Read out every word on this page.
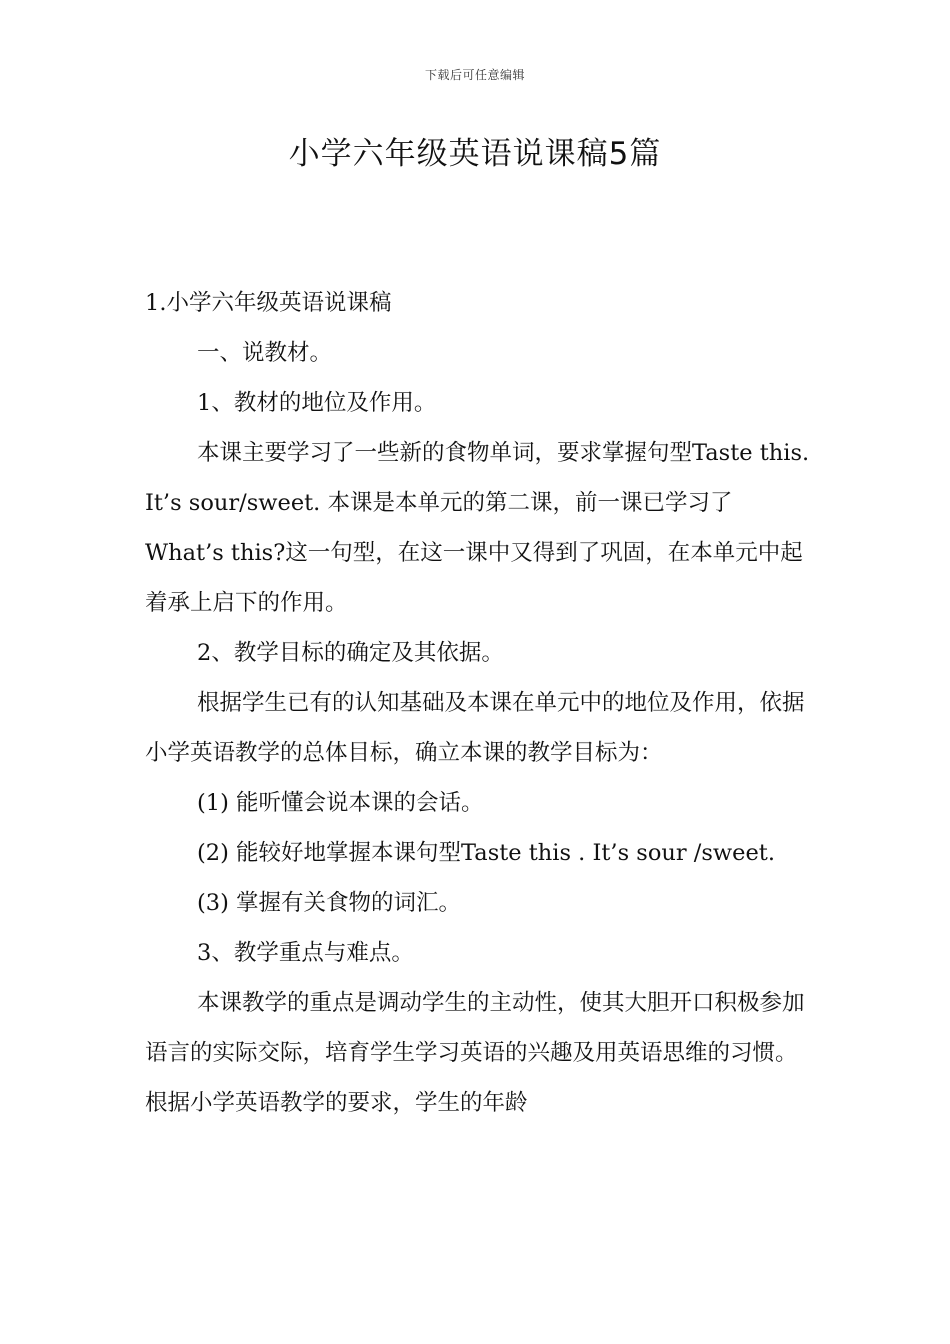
下载后可任意编辑
小学六年级英语说课稿5篇

1.小学六年级英语说课稿

一、说教材。

1、教材的地位及作用。

本课主要学习了一些新的食物单词，要求掌握句型Taste this. It’s sour/sweet. 本课是本单元的第二课，前一课已学习了What’s this?这一句型，在这一课中又得到了巩固，在本单元中起着承上启下的作用。

2、教学目标的确定及其依据。

根据学生已有的认知基础及本课在单元中的地位及作用，依据小学英语教学的总体目标，确立本课的教学目标为：

(1) 能听懂会说本课的会话。

(2) 能较好地掌握本课句型Taste this . It’s sour /sweet.

(3) 掌握有关食物的词汇。

3、教学重点与难点。

本课教学的重点是调动学生的主动性，使其大胆开口积极参加语言的实际交际，培育学生学习英语的兴趣及用英语思维的习惯。根据小学英语教学的要求，学生的年龄
